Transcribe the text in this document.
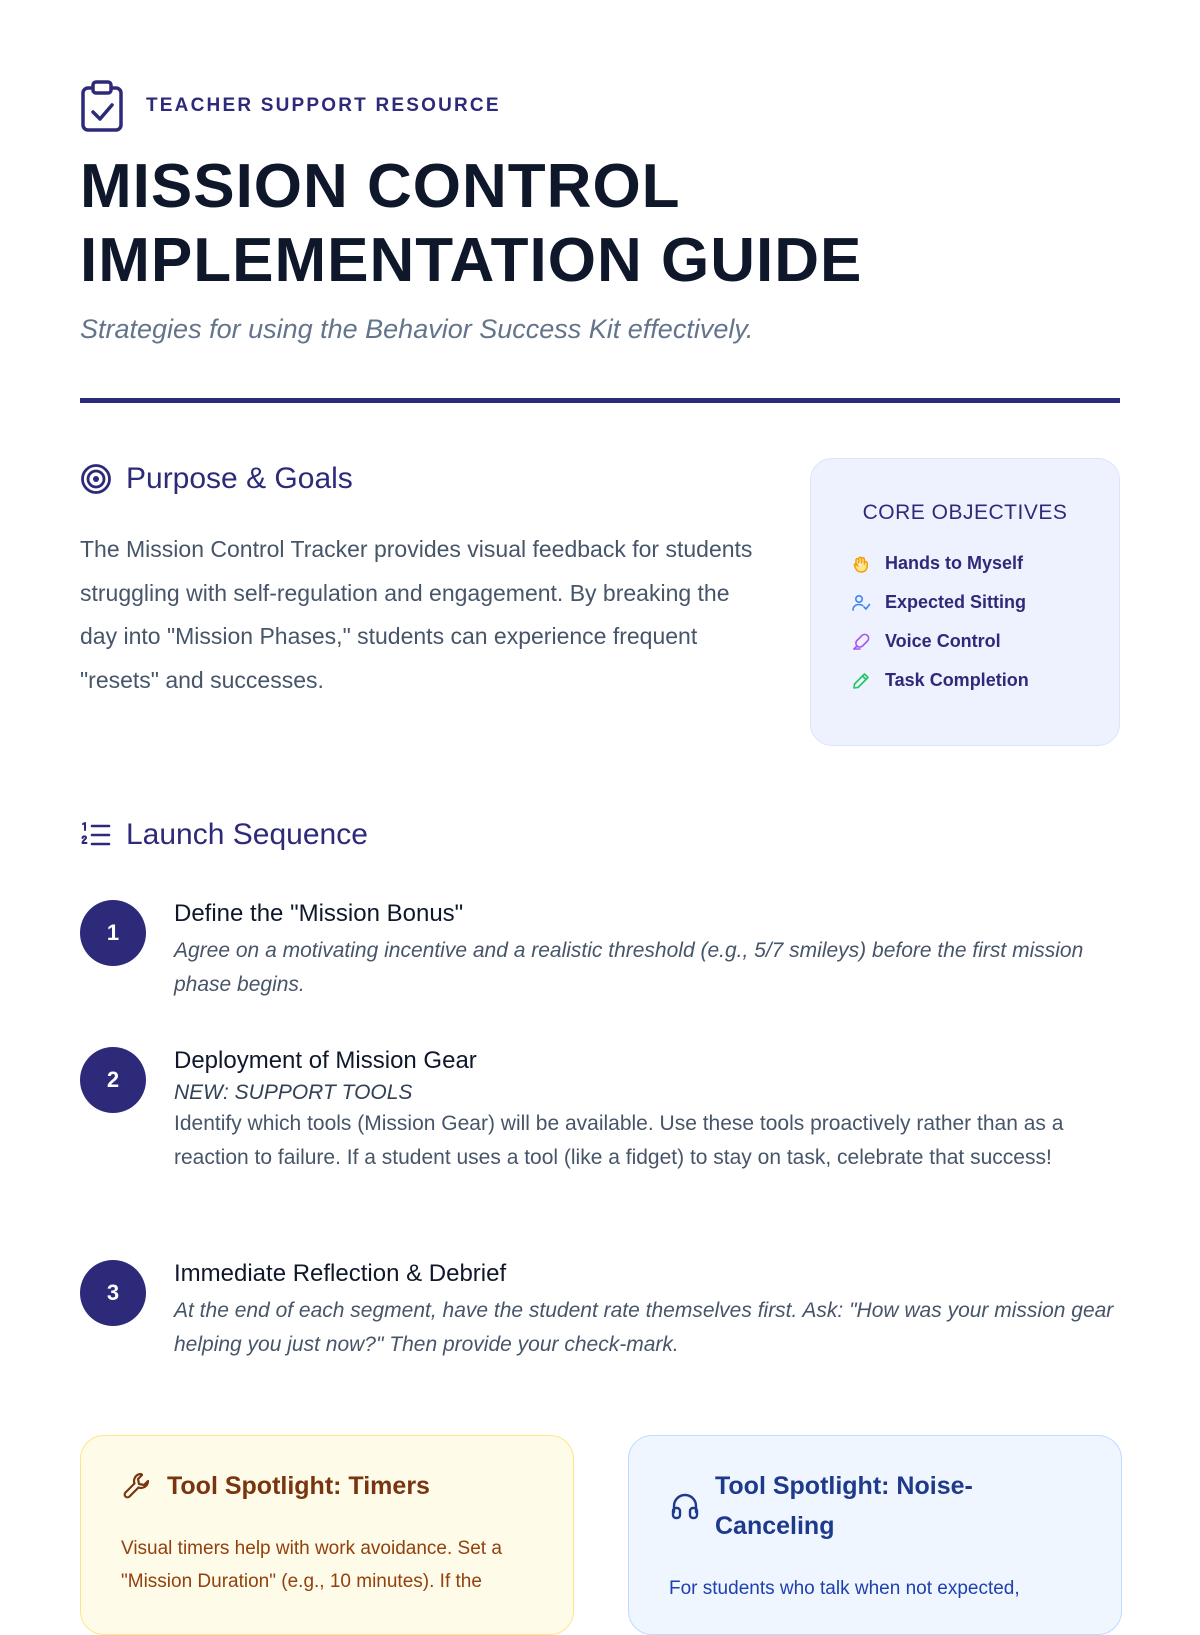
TEACHER SUPPORT RESOURCE
MISSION CONTROL
IMPLEMENTATION GUIDE
Strategies for using the Behavior Success Kit effectively.
Purpose & Goals

The Mission Control Tracker provides visual feedback for students struggling with self-regulation and engagement. By breaking the day into "Mission Phases," students can experience frequent "resets" and successes.

CORE OBJECTIVES
Hands to Myself
Expected Sitting
Voice Control
Task Completion
Launch Sequence
1
Define the "Mission Bonus"
Agree on a motivating incentive and a realistic threshold (e.g., 5/7 smileys) before the first mission phase begins.
2
Deployment of Mission Gear
NEW: SUPPORT TOOLS
Identify which tools (Mission Gear) will be available. Use these tools proactively rather than as a reaction to failure. If a student uses a tool (like a fidget) to stay on task, celebrate that success!
3
Immediate Reflection & Debrief
At the end of each segment, have the student rate themselves first. Ask: "How was your mission gear helping you just now?" Then provide your check-mark.
Tool Spotlight: Timers
Visual timers help with work avoidance. Set a "Mission Duration" (e.g., 10 minutes). If the
Tool Spotlight: Noise-Canceling
For students who talk when not expected,
